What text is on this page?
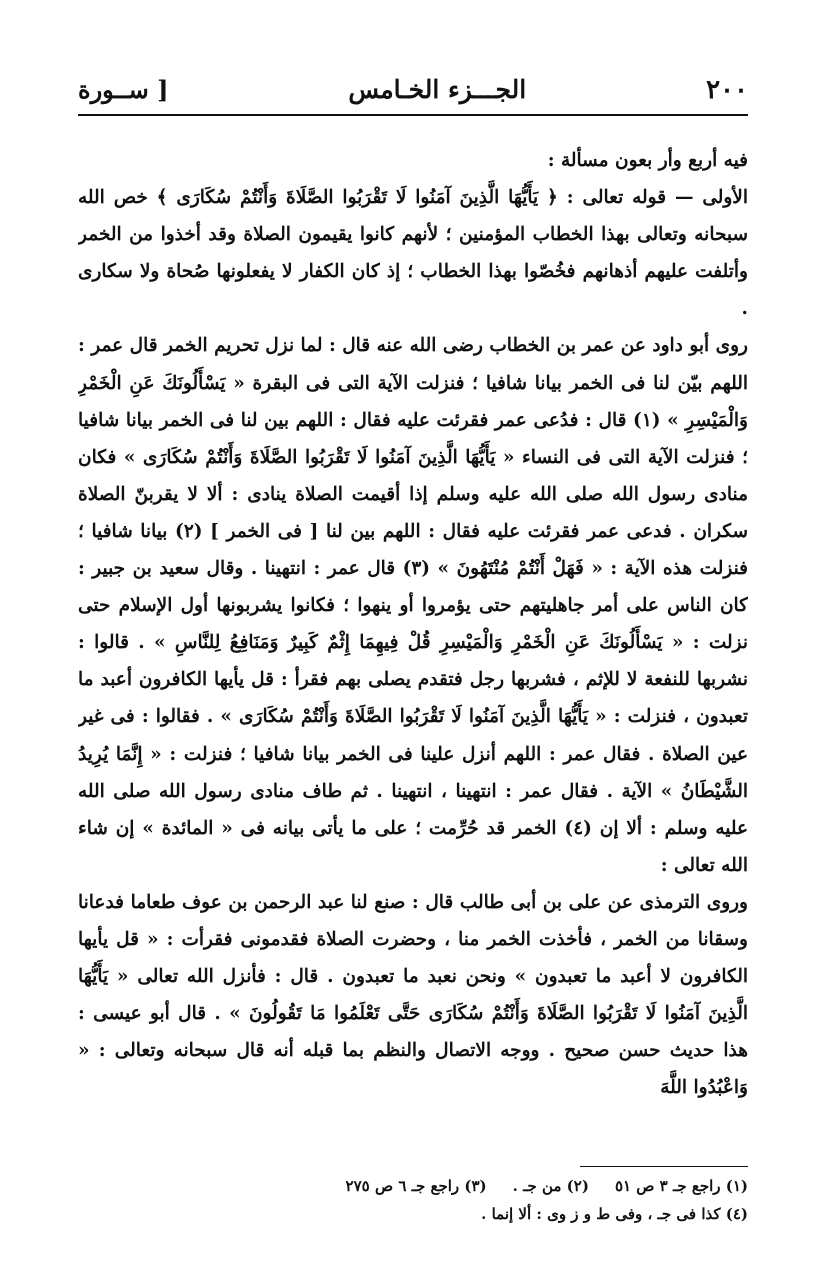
٢٠٠
الجـــزء الخـامس
[ ســورة

فيه أربع وأر بعون مسألة :

الأولى — قوله تعالى : ﴿ يَأَيُّهَا الَّذِينَ آمَنُوا لَا تَقْرَبُوا الصَّلَاةَ وَأَنْتُمْ سُكَارَى ﴾ خص الله سبحانه وتعالى بهذا الخطاب المؤمنين ؛ لأنهم كانوا يقيمون الصلاة وقد أخذوا من الخمر وأتلفت عليهم أذهانهم فخُصّوا بهذا الخطاب ؛ إذ كان الكفار لا يفعلونها صُحاة ولا سكارى .

روى أبو داود عن عمر بن الخطاب رضى الله عنه قال : لما نزل تحريم الخمر قال عمر : اللهم بيّن لنا فى الخمر بيانا شافيا ؛ فنزلت الآية التى فى البقرة « يَسْأَلُونَكَ عَنِ الْخَمْرِ وَالْمَيْسِرِ » (١) قال : فدُعى عمر فقرئت عليه فقال : اللهم بين لنا فى الخمر بيانا شافيا ؛ فنزلت الآية التى فى النساء « يَأَيُّهَا الَّذِينَ آمَنُوا لَا تَقْرَبُوا الصَّلَاةَ وَأَنْتُمْ سُكَارَى » فكان منادى رسول الله صلى الله عليه وسلم إذا أقيمت الصلاة ينادى : ألا لا يقربنّ الصلاة سكران . فدعى عمر فقرئت عليه فقال : اللهم بين لنا [ فى الخمر ] (٢) بيانا شافيا ؛ فنزلت هذه الآية : « فَهَلْ أَنْتُمْ مُنْتَهُونَ » (٣) قال عمر : انتهينا . وقال سعيد بن جبير : كان الناس على أمر جاهليتهم حتى يؤمروا أو ينهوا ؛ فكانوا يشربونها أول الإسلام حتى نزلت : « يَسْأَلُونَكَ عَنِ الْخَمْرِ وَالْمَيْسِرِ قُلْ فِيهِمَا إِثْمٌ كَبِيرٌ وَمَنَافِعُ لِلنَّاسِ » . قالوا : نشربها للنفعة لا للإثم ، فشربها رجل فتقدم يصلى بهم فقرأ : قل يأيها الكافرون أعبد ما تعبدون ، فنزلت : « يَأَيُّهَا الَّذِينَ آمَنُوا لَا تَقْرَبُوا الصَّلَاةَ وَأَنْتُمْ سُكَارَى » . فقالوا : فى غير عين الصلاة . فقال عمر : اللهم أنزل علينا فى الخمر بيانا شافيا ؛ فنزلت : « إِنَّمَا يُرِيدُ الشَّيْطَانُ » الآية . فقال عمر : انتهينا ، انتهينا . ثم طاف منادى رسول الله صلى الله عليه وسلم : ألا إن (٤) الخمر قد حُرِّمت ؛ على ما يأتى بيانه فى « المائدة » إن شاء الله تعالى :

وروى الترمذى عن على بن أبى طالب قال : صنع لنا عبد الرحمن بن عوف طعاما فدعانا وسقانا من الخمر ، فأخذت الخمر منا ، وحضرت الصلاة فقدمونى فقرأت : « قل يأيها الكافرون لا أعبد ما تعبدون » ونحن نعبد ما تعبدون . قال : فأنزل الله تعالى « يَأَيُّهَا الَّذِينَ آمَنُوا لَا تَقْرَبُوا الصَّلَاةَ وَأَنْتُمْ سُكَارَى حَتَّى تَعْلَمُوا مَا تَقُولُونَ » . قال أبو عيسى : هذا حديث حسن صحيح . ووجه الاتصال والنظم بما قبله أنه قال سبحانه وتعالى : « وَاعْبُدُوا اللَّهَ

(١) راجع جـ ٣ ص ٥١
(٢) من جـ .
(٣) راجع جـ ٦ ص ٢٧٥
(٤) كذا فى جـ ، وفى ط و ز وى : ألا إنما .
